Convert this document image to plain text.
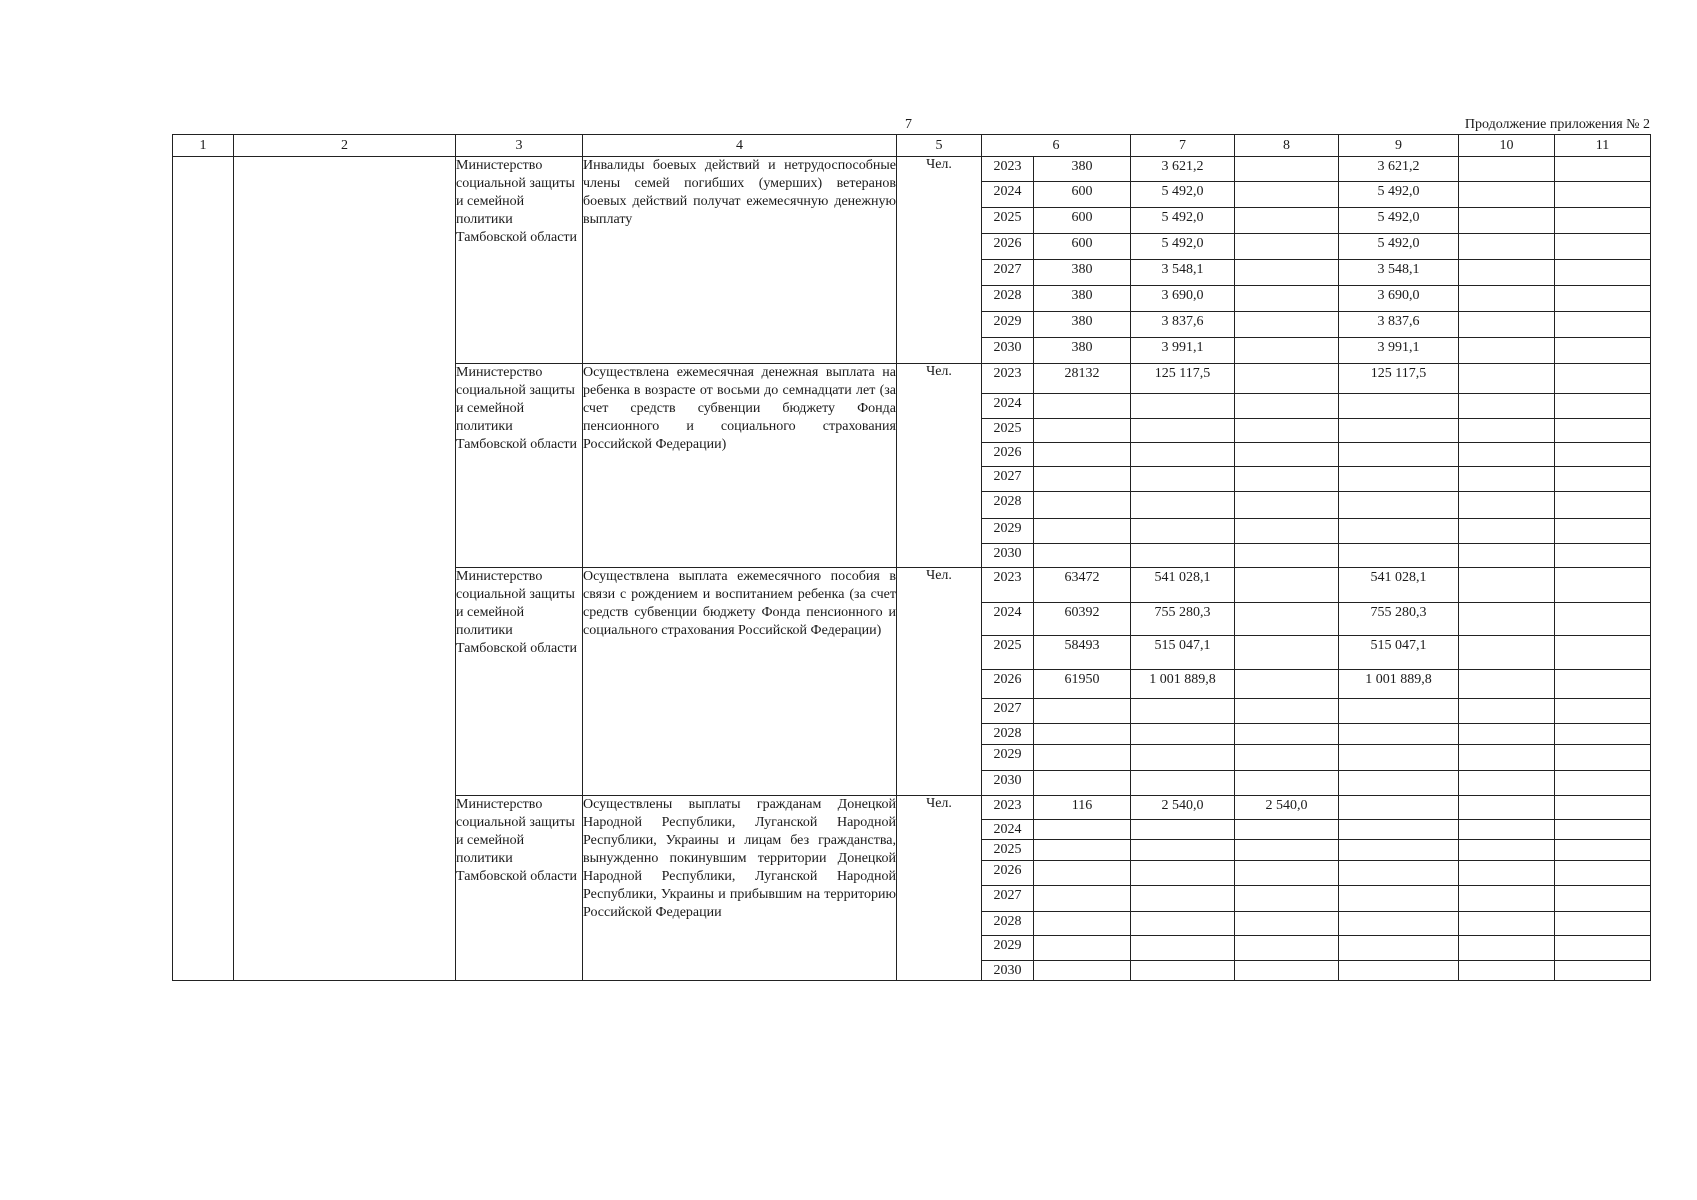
7	Продолжение приложения № 2
1	2	3	4	5	6		7	8	9	10	11
		Министерство социальной защиты и семейной политики Тамбовской области	Инвалиды боевых действий и нетрудоспособные члены семей погибших (умерших) ветеранов боевых действий получат ежемесячную денежную выплату	Чел.	2023	380	3 621,2		3 621,2		
					2024	600	5 492,0		5 492,0		
					2025	600	5 492,0		5 492,0		
					2026	600	5 492,0		5 492,0		
					2027	380	3 548,1		3 548,1		
					2028	380	3 690,0		3 690,0		
					2029	380	3 837,6		3 837,6		
					2030	380	3 991,1		3 991,1		
		Министерство социальной защиты и семейной политики Тамбовской области	Осуществлена ежемесячная денежная выплата на ребенка в возрасте от восьми до семнадцати лет (за счет средств субвенции бюджету Фонда пенсионного и социального страхования Российской Федерации)	Чел.	2023	28132	125 117,5		125 117,5		
					2024						
					2025						
					2026						
					2027						
					2028						
					2029						
					2030						
		Министерство социальной защиты и семейной политики Тамбовской области	Осуществлена выплата ежемесячного пособия в связи с рождением и воспитанием ребенка (за счет средств субвенции бюджету Фонда пенсионного и социального страхования Российской Федерации)	Чел.	2023	63472	541 028,1		541 028,1		
					2024	60392	755 280,3		755 280,3		
					2025	58493	515 047,1		515 047,1		
					2026	61950	1 001 889,8		1 001 889,8		
					2027						
					2028						
					2029						
					2030						
		Министерство социальной защиты и семейной политики Тамбовской области	Осуществлены выплаты гражданам Донецкой Народной Республики, Луганской Народной Республики, Украины и лицам без гражданства, вынужденно покинувшим территории Донецкой Народной Республики, Луганской Народной Республики, Украины и прибывшим на территорию Российской Федерации	Чел.	2023	116	2 540,0	2 540,0			
					2024						
					2025						
					2026						
					2027						
					2028						
					2029						
					2030						
